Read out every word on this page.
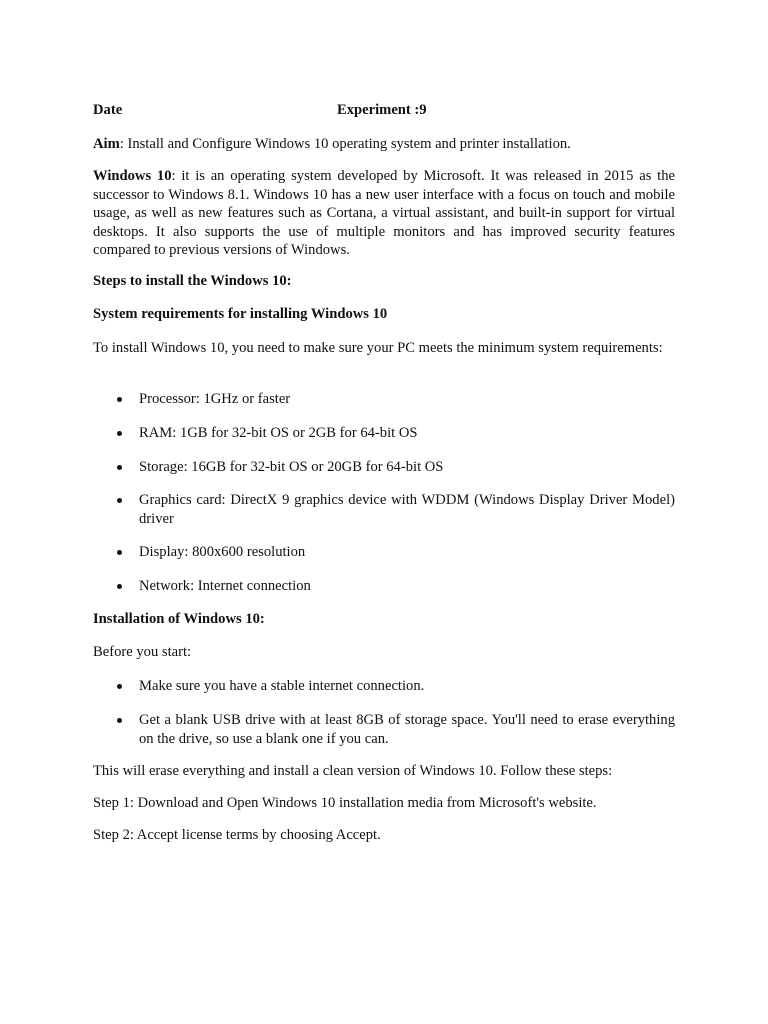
Date	Experiment :9

Aim: Install and Configure Windows 10 operating system and printer installation.

Windows 10: it is an operating system developed by Microsoft. It was released in 2015 as the successor to Windows 8.1. Windows 10 has a new user interface with a focus on touch and mobile usage, as well as new features such as Cortana, a virtual assistant, and built-in support for virtual desktops. It also supports the use of multiple monitors and has improved security features compared to previous versions of Windows.

Steps to install the Windows 10:

System requirements for installing Windows 10

To install Windows 10, you need to make sure your PC meets the minimum system requirements:

Processor: 1GHz or faster
RAM: 1GB for 32-bit OS or 2GB for 64-bit OS
Storage: 16GB for 32-bit OS or 20GB for 64-bit OS
Graphics card: DirectX 9 graphics device with WDDM (Windows Display Driver Model) driver
Display: 800x600 resolution
Network: Internet connection

Installation of Windows 10:

Before you start:

Make sure you have a stable internet connection.
Get a blank USB drive with at least 8GB of storage space. You'll need to erase everything on the drive, so use a blank one if you can.

This will erase everything and install a clean version of Windows 10. Follow these steps:

Step 1: Download and Open Windows 10 installation media from Microsoft's website.

Step 2: Accept license terms by choosing Accept.
